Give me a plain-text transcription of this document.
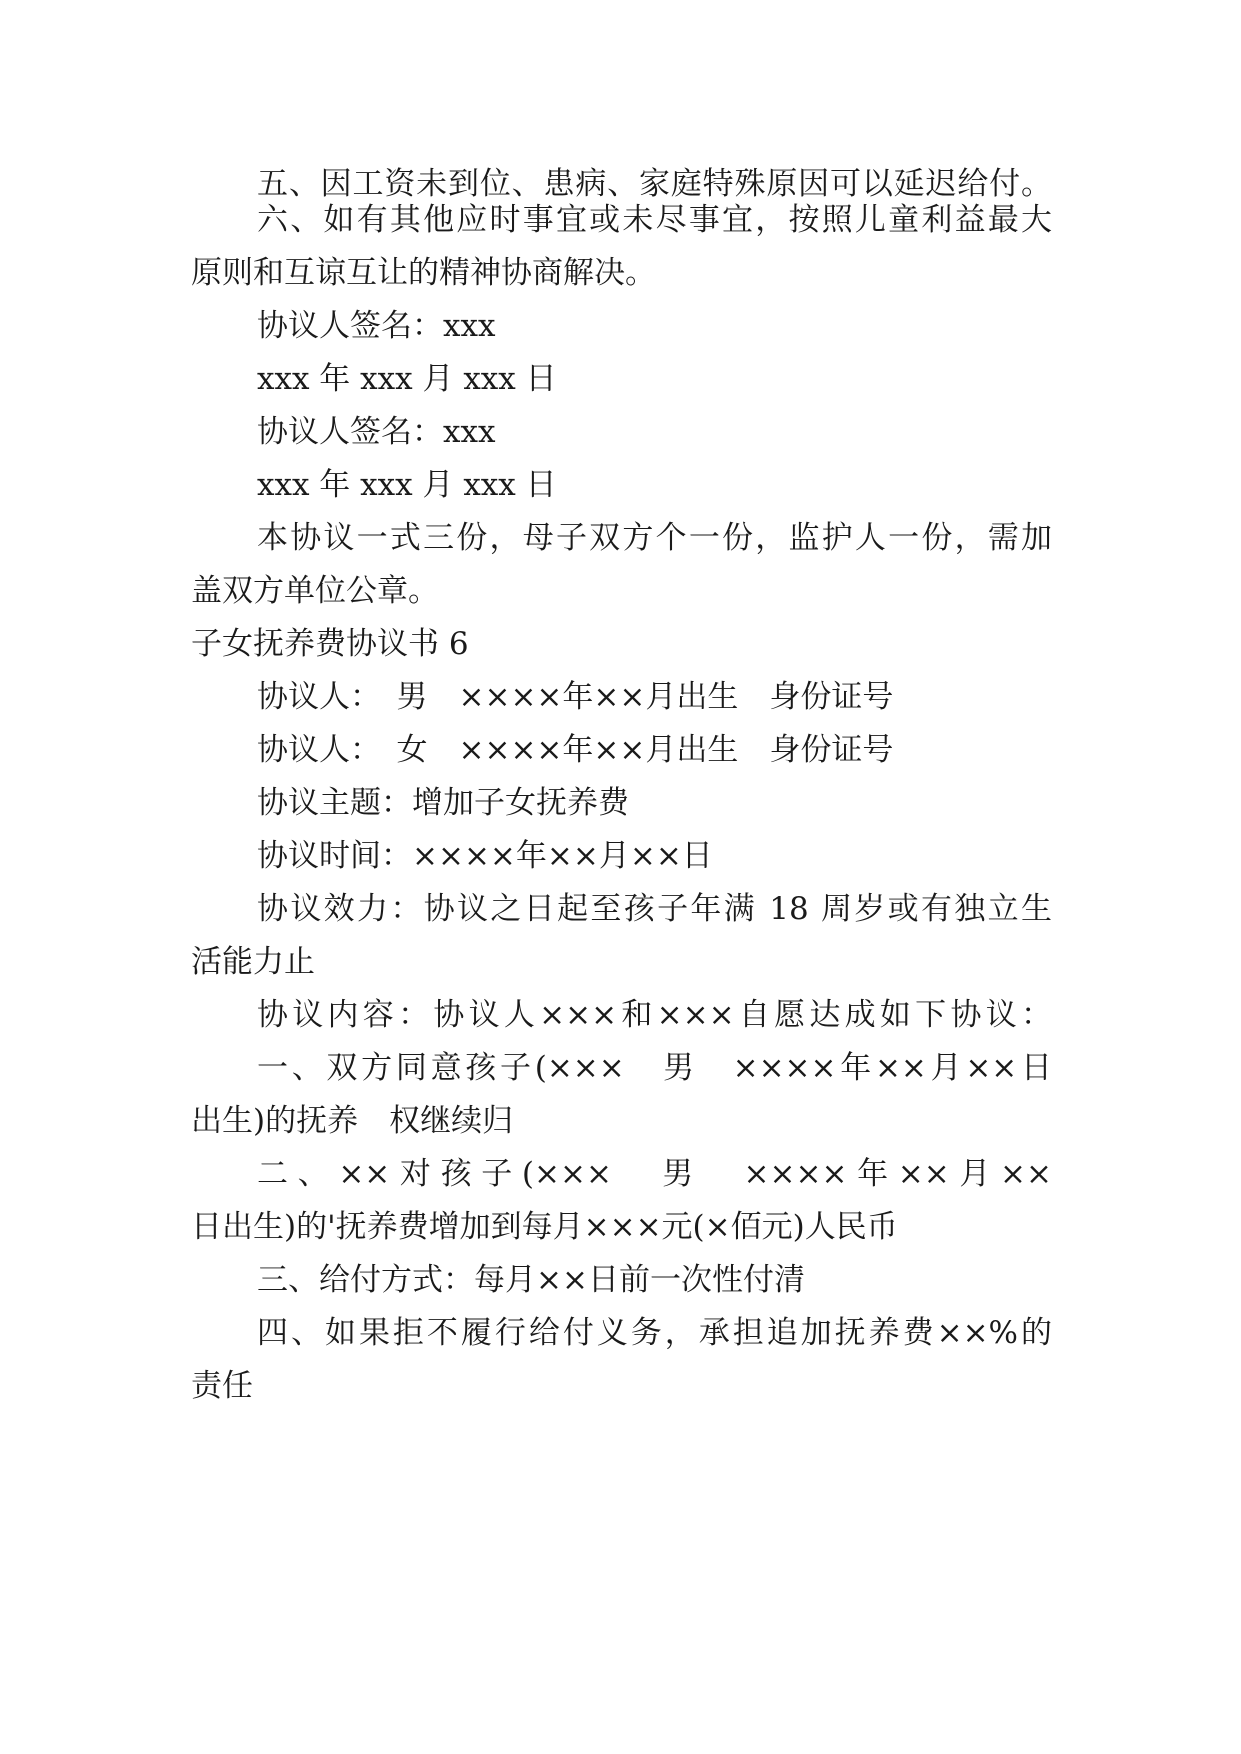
五、因工资未到位、患病、家庭特殊原因可以延迟给付。
六、如有其他应时事宜或未尽事宜，按照儿童利益最大
原则和互谅互让的精神协商解决。
协议人签名：xxx
xxx 年 xxx 月 xxx 日
协议人签名：xxx
xxx 年 xxx 月 xxx 日
本协议一式三份，母子双方个一份，监护人一份，需加
盖双方单位公章。
子女抚养费协议书 6
协议人：　男　××××年××月出生　身份证号
协议人：　女　××××年××月出生　身份证号
协议主题：增加子女抚养费
协议时间：××××年××月××日
协议效力：协议之日起至孩子年满 18 周岁或有独立生
活能力止
协议内容：协议人×××和×××自愿达成如下协议：
一、双方同意孩子(×××　男　××××年××月××日
出生)的抚养　权继续归
二、××对孩子(×××　男　××××年××月××
日出生)的'抚养费增加到每月×××元(×佰元)人民币
三、给付方式：每月××日前一次性付清
四、如果拒不履行给付义务，承担追加抚养费××%的
责任
